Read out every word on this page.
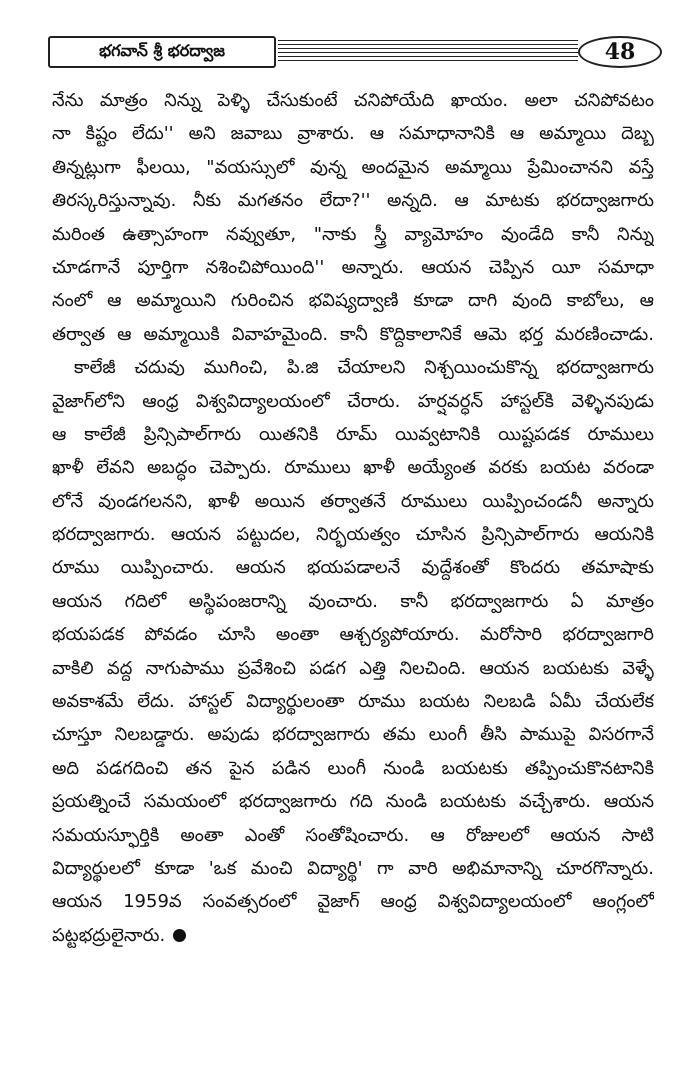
భగవాన్ శ్రీ భరద్వాజ	48
నేను మాత్రం నిన్ను పెళ్ళి చేసుకుంటే చనిపోయేది ఖాయం. అలా చనిపోవటం
నా కిష్టం లేదు'' అని జవాబు వ్రాశారు. ఆ సమాధానానికి ఆ అమ్మాయి దెబ్బ
తిన్నట్లుగా ఫీలయి, "వయస్సులో వున్న అందమైన అమ్మాయి ప్రేమించానని వస్తే
తిరస్కరిస్తున్నావు. నీకు మగతనం లేదా?'' అన్నది. ఆ మాటకు భరద్వాజగారు
మరింత ఉత్సాహంగా నవ్వుతూ, "నాకు స్త్రీ వ్యామోహం వుండేది కానీ నిన్ను
చూడగానే పూర్తిగా నశించిపోయింది'' అన్నారు. ఆయన చెప్పిన యీ సమాధా
నంలో ఆ అమ్మాయిని గురించిన భవిష్యద్వాణి కూడా దాగి వుంది కాబోలు, ఆ
తర్వాత ఆ అమ్మాయికి వివాహమైంది. కానీ కొద్దికాలానికే ఆమె భర్త మరణించాడు.
కాలేజీ చదువు ముగించి, పి.జి చేయాలని నిశ్చయించుకొన్న భరద్వాజగారు
వైజాగ్‌లోని ఆంధ్ర విశ్వవిద్యాలయంలో చేరారు. హర్షవర్ధన్ హాస్టల్‌కి వెళ్ళినపుడు
ఆ కాలేజీ ప్రిన్సిపాల్‌గారు యితనికి రూమ్ యివ్వటానికి యిష్టపడక రూములు
ఖాళీ లేవని అబద్ధం చెప్పారు. రూములు ఖాళీ అయ్యేంత వరకు బయట వరండా
లోనే వుండగలనని, ఖాళీ అయిన తర్వాతనే రూములు యిప్పించండనీ అన్నారు
భరద్వాజగారు. ఆయన పట్టుదల, నిర్భయత్వం చూసిన ప్రిన్సిపాల్‌గారు ఆయనికి
రూము యిప్పించారు. ఆయన భయపడాలనే వుద్దేశంతో కొందరు తమాషాకు
ఆయన గదిలో అస్థిపంజరాన్ని వుంచారు. కానీ భరద్వాజగారు ఏ మాత్రం
భయపడక పోవడం చూసి అంతా ఆశ్చర్యపోయారు. మరోసారి భరద్వాజగారి
వాకిలి వద్ద నాగుపాము ప్రవేశించి పడగ ఎత్తి నిలచింది. ఆయన బయటకు వెళ్ళే
అవకాశమే లేదు. హాస్టల్ విద్యార్థులంతా రూము బయట నిలబడి ఏమీ చేయలేక
చూస్తూ నిలబడ్డారు. అపుడు భరద్వాజగారు తమ లుంగీ తీసి పాముపై విసరగానే
అది పడగదించి తన పైన పడిన లుంగీ నుండి బయటకు తప్పించుకొనటానికి
ప్రయత్నించే సమయంలో భరద్వాజగారు గది నుండి బయటకు వచ్చేశారు. ఆయన
సమయస్ఫూర్తికి అంతా ఎంతో సంతోషించారు. ఆ రోజులలో ఆయన సాటి
విద్యార్థులలో కూడా 'ఒక మంచి విద్యార్థి' గా వారి అభిమానాన్ని చూరగొన్నారు.
ఆయన 1959వ సంవత్సరంలో వైజాగ్ ఆంధ్ర విశ్వవిద్యాలయంలో ఆంగ్లంలో
పట్టభద్రులైనారు.
